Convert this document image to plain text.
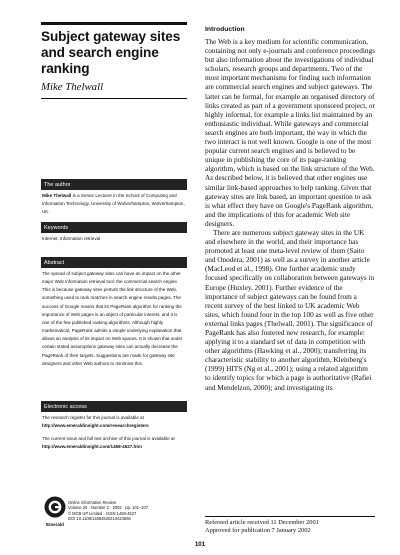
Subject gateway sites and search engine ranking
Mike Thelwall
The author

Mike Thelwall is a Senior Lecturer in the School of Computing and Information Technology, University of Wolverhampton, Wolverhampton, UK.

Keywords
Internet, Information retrieval
Abstract
The spread of subject gateway sites can have an impact on the other major Web information retrieval tool: the commercial search engine. This is because gateway sites perturb the link structure of the Web, something used to rank matches in search engine results pages. The success of Google means that its PageRank algorithm for ranking the importance of Web pages is an object of particular interest, and it is one of the few published ranking algorithms. Although highly mathematical, PageRank admits a simple underlying explanation that allows an analysis of its impact on Web spaces. It is shown that under certain stated assumptions gateway sites can actually decrease the PageRank of their targets. Suggestions are made for gateway site designers and other Web authors to minimise this.
Electronic access

The research register for this journal is available at

http://www.emeraldinsight.com/researchregisters

The current issue and full text archive of this journal is available at

http://www.emeraldinsight.com/1468-4527.htm

Emerald

Online Information Review

Volume 26 · Number 2 · 2002 · pp. 101–107

© MCB UP Limited · ISSN 1468-4527

DOI 10.1108/14684520210424566

Introduction

The Web is a key medium for scientific communication, containing not only e-journals and conference proceedings but also information about the investigations of individual scholars, research groups and departments. Two of the most important mechanisms for finding such information are commercial search engines and subject gateways. The latter can be formal, for example an organised directory of links created as part of a government sponsored project, or highly informal, for example a links list maintained by an enthusiastic individual. While gateways and commercial search engines are both important, the way in which the two interact is not well known. Google is one of the most popular current search engines and is believed to be unique in publishing the core of its page-ranking algorithm, which is based on the link structure of the Web. As described below, it is believed that other engines use similar link-based approaches to help ranking. Given that gateway sites are link based, an important question to ask is what effect they have on Google's PageRank algorithm, and the implications of this for academic Web site designers.

There are numerous subject gateway sites in the UK and elsewhere in the world, and their importance has promoted at least one meta-level review of them (Saito and Onodera, 2001) as well as a survey in another article (MacLeod et al., 1998). One further academic study focused specifically on collaboration between gateways in Europe (Huxley, 2001). Further evidence of the importance of subject gateways can be found from a recent survey of the best linked to UK academic Web sites, which found four in the top 100 as well as five other external links pages (Thelwall, 2001). The significance of PageRank has also fostered new research, for example: applying it to a standard set of data in competition with other algorithms (Hawking et al., 2000); transferring its characteristic stability to another algorithm, Kleinberg's (1999) HITS (Ng et al., 2001); using a related algorithm to identify topics for which a page is authoritative (Rafiei and Mendelzon, 2000); and investigating its

Refereed article received 11 December 2001

Approved for publication 7 January 2002

101
